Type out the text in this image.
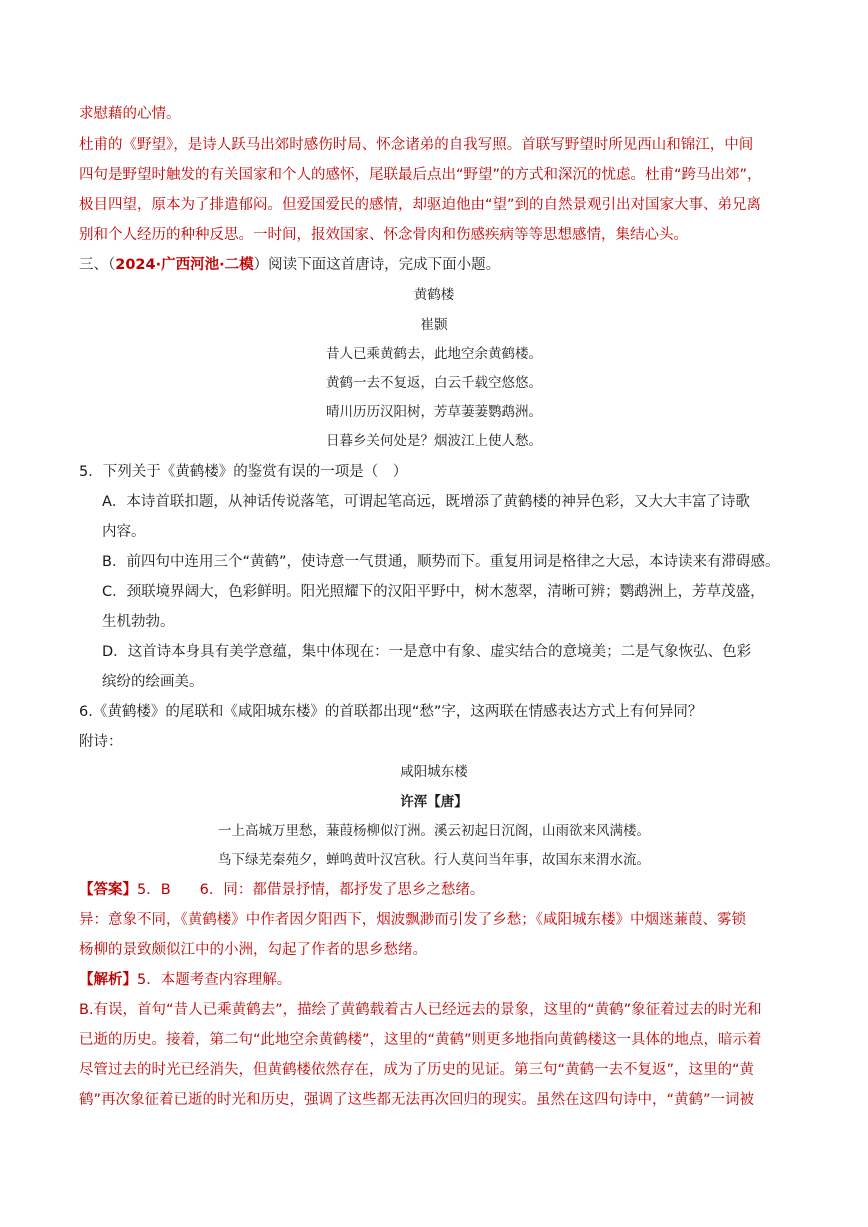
求慰藉的心情。
杜甫的《野望》，是诗人跃马出郊时感伤时局、怀念诸弟的自我写照。首联写野望时所见西山和锦江，中间
四句是野望时触发的有关国家和个人的感怀，尾联最后点出“野望”的方式和深沉的忧虑。杜甫“跨马出郊”，
极目四望，原本为了排遣郁闷。但爱国爱民的感情，却驱迫他由“望”到的自然景观引出对国家大事、弟兄离
别和个人经历的种种反思。一时间，报效国家、怀念骨肉和伤感疾病等等思想感情，集结心头。
三、（2024·广西河池·二模）阅读下面这首唐诗，完成下面小题。
黄鹤楼
崔颢
昔人已乘黄鹤去，此地空余黄鹤楼。
黄鹤一去不复返，白云千载空悠悠。
晴川历历汉阳树，芳草萋萋鹦鹉洲。
日暮乡关何处是？烟波江上使人愁。
5．下列关于《黄鹤楼》的鉴赏有误的一项是（　）
A．本诗首联扣题，从神话传说落笔，可谓起笔高远，既增添了黄鹤楼的神异色彩，又大大丰富了诗歌
内容。
B．前四句中连用三个“黄鹤”，使诗意一气贯通，顺势而下。重复用词是格律之大忌，本诗读来有滞碍感。
C．颈联境界阔大，色彩鲜明。阳光照耀下的汉阳平野中，树木葱翠，清晰可辨；鹦鹉洲上，芳草茂盛，
生机勃勃。
D．这首诗本身具有美学意蕴，集中体现在：一是意中有象、虚实结合的意境美；二是气象恢弘、色彩
缤纷的绘画美。
6.《黄鹤楼》的尾联和《咸阳城东楼》的首联都出现“愁”字，这两联在情感表达方式上有何异同？
附诗：
咸阳城东楼
许浑【唐】
一上高城万里愁，蒹葭杨柳似汀洲。溪云初起日沉阁，山雨欲来风满楼。
鸟下绿芜秦苑夕，蝉鸣黄叶汉宫秋。行人莫问当年事，故国东来渭水流。
【答案】5．B　　6．同：都借景抒情，都抒发了思乡之愁绪。
异：意象不同，《黄鹤楼》中作者因夕阳西下，烟波飘渺而引发了乡愁；《咸阳城东楼》中烟迷蒹葭、雾锁
杨柳的景致颇似江中的小洲，勾起了作者的思乡愁绪。
【解析】5．本题考查内容理解。
B.有误，首句“昔人已乘黄鹤去”，描绘了黄鹤载着古人已经远去的景象，这里的“黄鹤”象征着过去的时光和
已逝的历史。接着，第二句“此地空余黄鹤楼”，这里的“黄鹤”则更多地指向黄鹤楼这一具体的地点，暗示着
尽管过去的时光已经消失，但黄鹤楼依然存在，成为了历史的见证。第三句“黄鹤一去不复返”，这里的“黄
鹤”再次象征着已逝的时光和历史，强调了这些都无法再次回归的现实。虽然在这四句诗中，“黄鹤”一词被
